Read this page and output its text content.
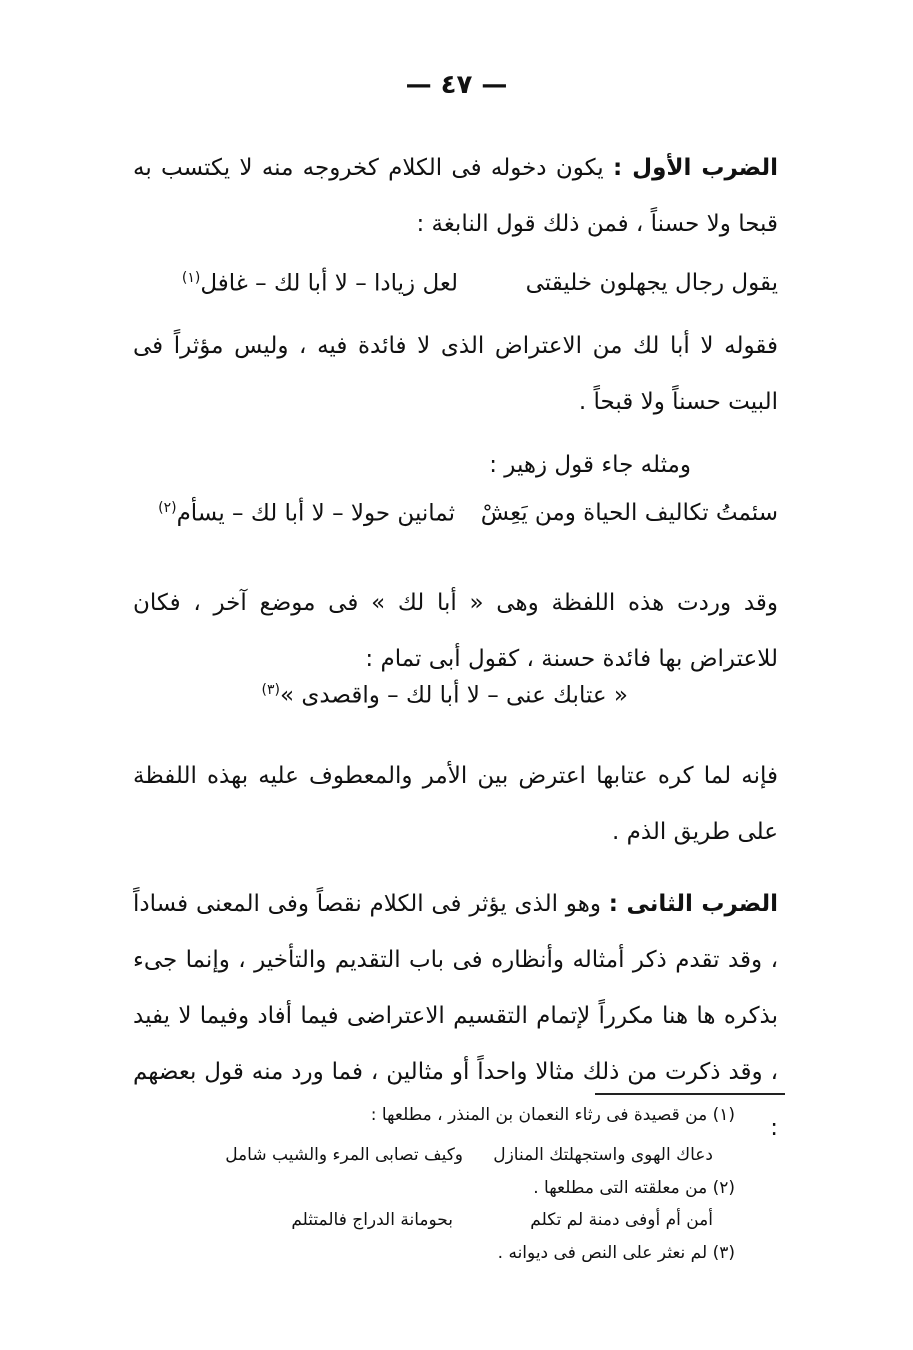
— ٤٧ —
الضرب الأول : يكون دخوله فى الكلام كخروجه منه لا يكتسب به قبحا ولا حسناً ، فمن ذلك قول النابغة :
يقول رجال يجهلون خليقتى
لعل زيادا – لا أبا لك – غافل$^{(١)}$
فقوله لا أبا لك من الاعتراض الذى لا فائدة فيه ، وليس مؤثراً فى البيت حسناً ولا قبحاً .
ومثله جاء قول زهير :
سئمتُ تكاليف الحياة ومن يَعِشْ
ثمانين حولا – لا أبا لك – يسأم$^{(٢)}$
وقد وردت هذه اللفظة وهى « أبا لك » فى موضع آخر ، فكان للاعتراض بها فائدة حسنة ، كقول أبى تمام :
« عتابك عنى – لا أبا لك – واقصدى »$^{(٣)}$
فإنه لما كره عتابها اعترض بين الأمر والمعطوف عليه بهذه اللفظة على طريق الذم .
الضرب الثانى : وهو الذى يؤثر فى الكلام نقصاً وفى المعنى فساداً ، وقد تقدم ذكر أمثاله وأنظاره فى باب التقديم والتأخير ، وإنما جىء بذكره ها هنا مكرراً لإتمام التقسيم الاعتراضى فيما أفاد وفيما لا يفيد ، وقد ذكرت من ذلك مثالا واحداً أو مثالين ، فما ورد منه قول بعضهم :
(١) من قصيدة فى رثاء النعمان بن المنذر ، مطلعها :
دعاك الهوى واستجهلتك المنازل
وكيف تصابى المرء والشيب شامل
(٢) من معلقته التى مطلعها .
أمن أم أوفى دمنة لم تكلم
بحومانة الدراج فالمتثلم
(٣) لم نعثر على النص فى ديوانه .
